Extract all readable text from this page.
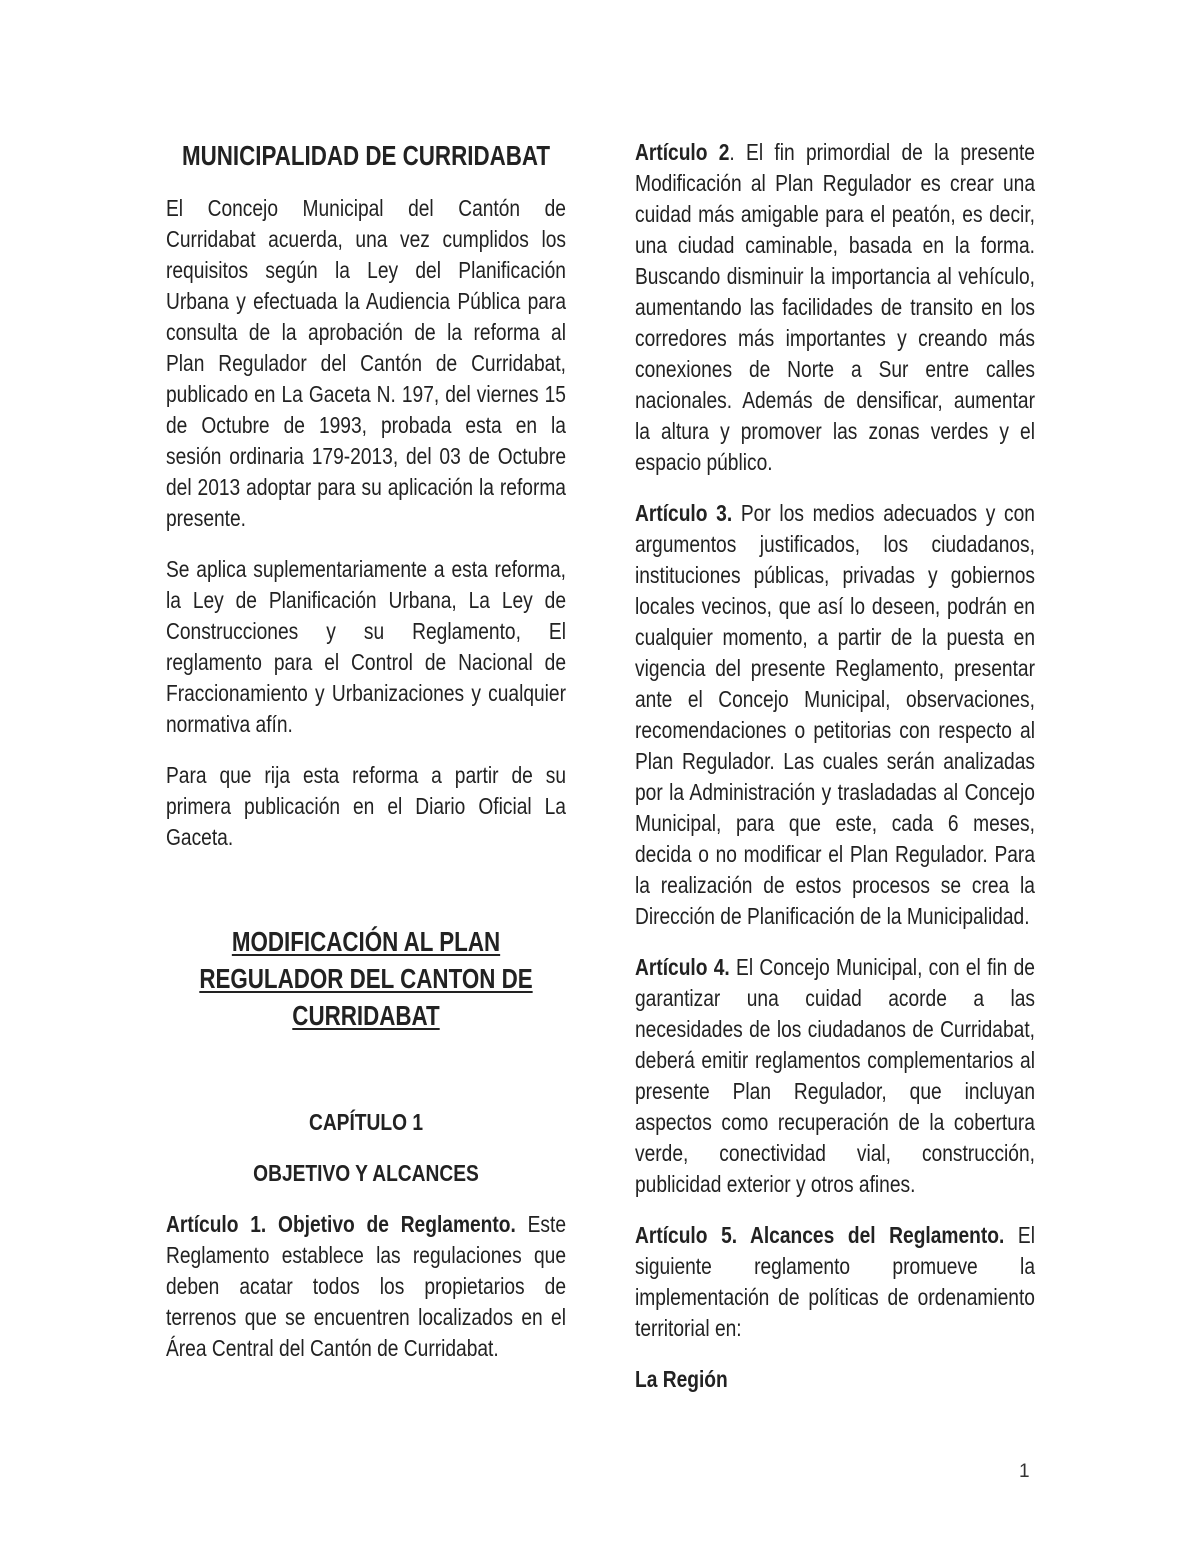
MUNICIPALIDAD DE CURRIDABAT

El Concejo Municipal del Cantón de
Curridabat acuerda, una vez cumplidos los
requisitos según la Ley del Planificación
Urbana y efectuada la Audiencia Pública para
consulta de la aprobación de la reforma al
Plan Regulador del Cantón de Curridabat,
publicado en La Gaceta N. 197, del viernes 15
de Octubre de 1993, probada esta en la
sesión ordinaria 179-2013, del 03 de Octubre
del 2013 adoptar para su aplicación la reforma
presente.

Se aplica suplementariamente a esta reforma,
la Ley de Planificación Urbana, La Ley de
Construcciones y su Reglamento, El
reglamento para el Control de Nacional de
Fraccionamiento y Urbanizaciones y cualquier
normativa afín.

Para que rija esta reforma a partir de su
primera publicación en el Diario Oficial La
Gaceta.

MODIFICACIÓN AL PLAN
REGULADOR DEL CANTON DE
CURRIDABAT
CAPÍTULO 1
OBJETIVO Y ALCANCES

Artículo 1. Objetivo de Reglamento. Este
Reglamento establece las regulaciones que
deben acatar todos los propietarios de
terrenos que se encuentren localizados en el
Área Central del Cantón de Curridabat.

Artículo 2. El fin primordial de la presente
Modificación al Plan Regulador es crear una
cuidad más amigable para el peatón, es decir,
una ciudad caminable, basada en la forma.
Buscando disminuir la importancia al vehículo,
aumentando las facilidades de transito en los
corredores más importantes y creando más
conexiones de Norte a Sur entre calles
nacionales. Además de densificar, aumentar
la altura y promover las zonas verdes y el
espacio público.

Artículo 3. Por los medios adecuados y con
argumentos justificados, los ciudadanos,
instituciones públicas, privadas y gobiernos
locales vecinos, que así lo deseen, podrán en
cualquier momento, a partir de la puesta en
vigencia del presente Reglamento, presentar
ante el Concejo Municipal, observaciones,
recomendaciones o petitorias con respecto al
Plan Regulador. Las cuales serán analizadas
por la Administración y trasladadas al Concejo
Municipal, para que este, cada 6 meses,
decida o no modificar el Plan Regulador. Para
la realización de estos procesos se crea la
Dirección de Planificación de la Municipalidad.

Artículo 4. El Concejo Municipal, con el fin de
garantizar una cuidad acorde a las
necesidades de los ciudadanos de Curridabat,
deberá emitir reglamentos complementarios al
presente Plan Regulador, que incluyan
aspectos como recuperación de la cobertura
verde, conectividad vial, construcción,
publicidad exterior y otros afines.

Artículo 5. Alcances del Reglamento. El
siguiente reglamento promueve la
implementación de políticas de ordenamiento
territorial en:

La Región
1
